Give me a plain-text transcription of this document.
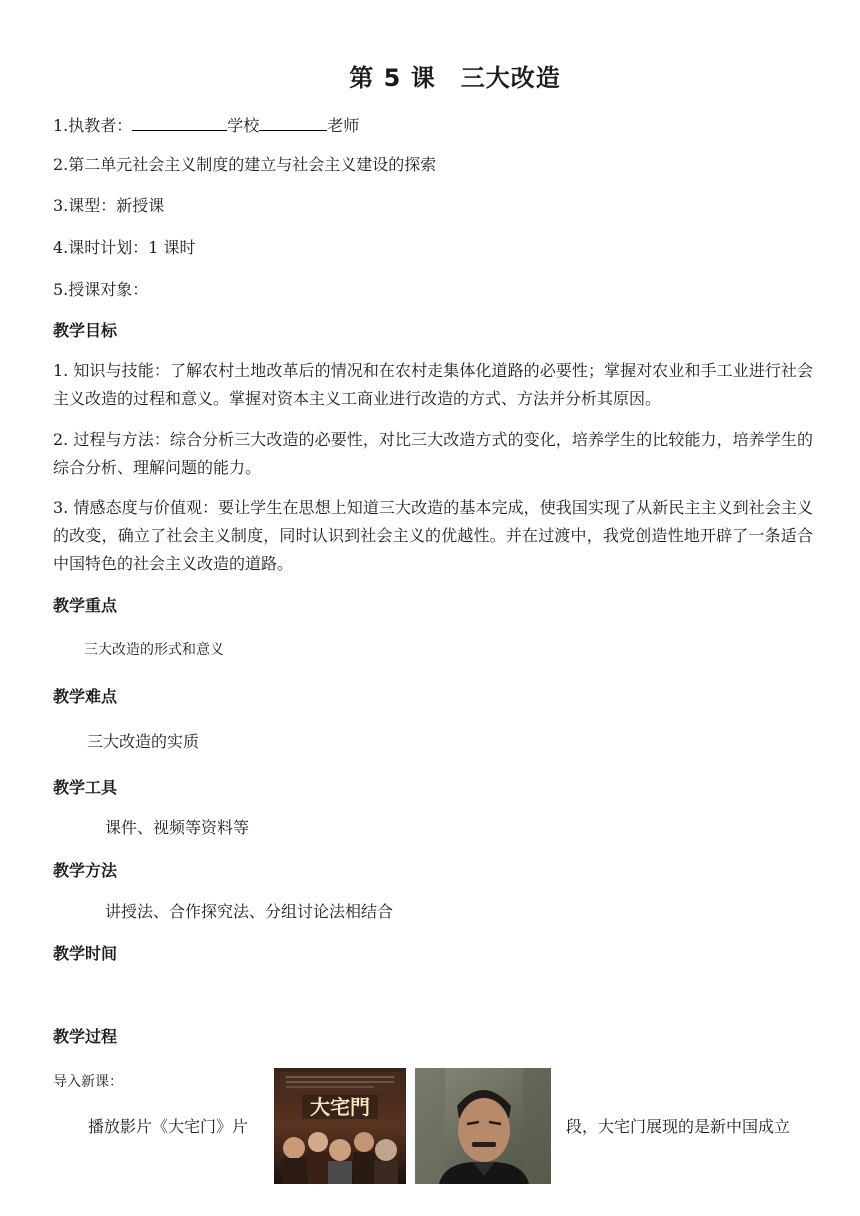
第 5 课　三大改造
1.执教者：	学校	老师
2.第二单元社会主义制度的建立与社会主义建设的探索
3.课型：新授课
4.课时计划：1 课时
5.授课对象：
教学目标
1. 知识与技能：了解农村土地改革后的情况和在农村走集体化道路的必要性；掌握对农业和手工业进行社会主义改造的过程和意义。掌握对资本主义工商业进行改造的方式、方法并分析其原因。
2. 过程与方法：综合分析三大改造的必要性，对比三大改造方式的变化，培养学生的比较能力，培养学生的综合分析、理解问题的能力。
3. 情感态度与价值观：要让学生在思想上知道三大改造的基本完成，使我国实现了从新民主主义到社会主义的改变，确立了社会主义制度，同时认识到社会主义的优越性。并在过渡中，我党创造性地开辟了一条适合中国特色的社会主义改造的道路。
教学重点
三大改造的形式和意义
教学难点
三大改造的实质
教学工具
课件、视频等资料等
教学方法
讲授法、合作探究法、分组讨论法相结合
教学时间
教学过程
导入新课：
播放影片《大宅门》片	段，大宅门展现的是新中国成立
大宅門
